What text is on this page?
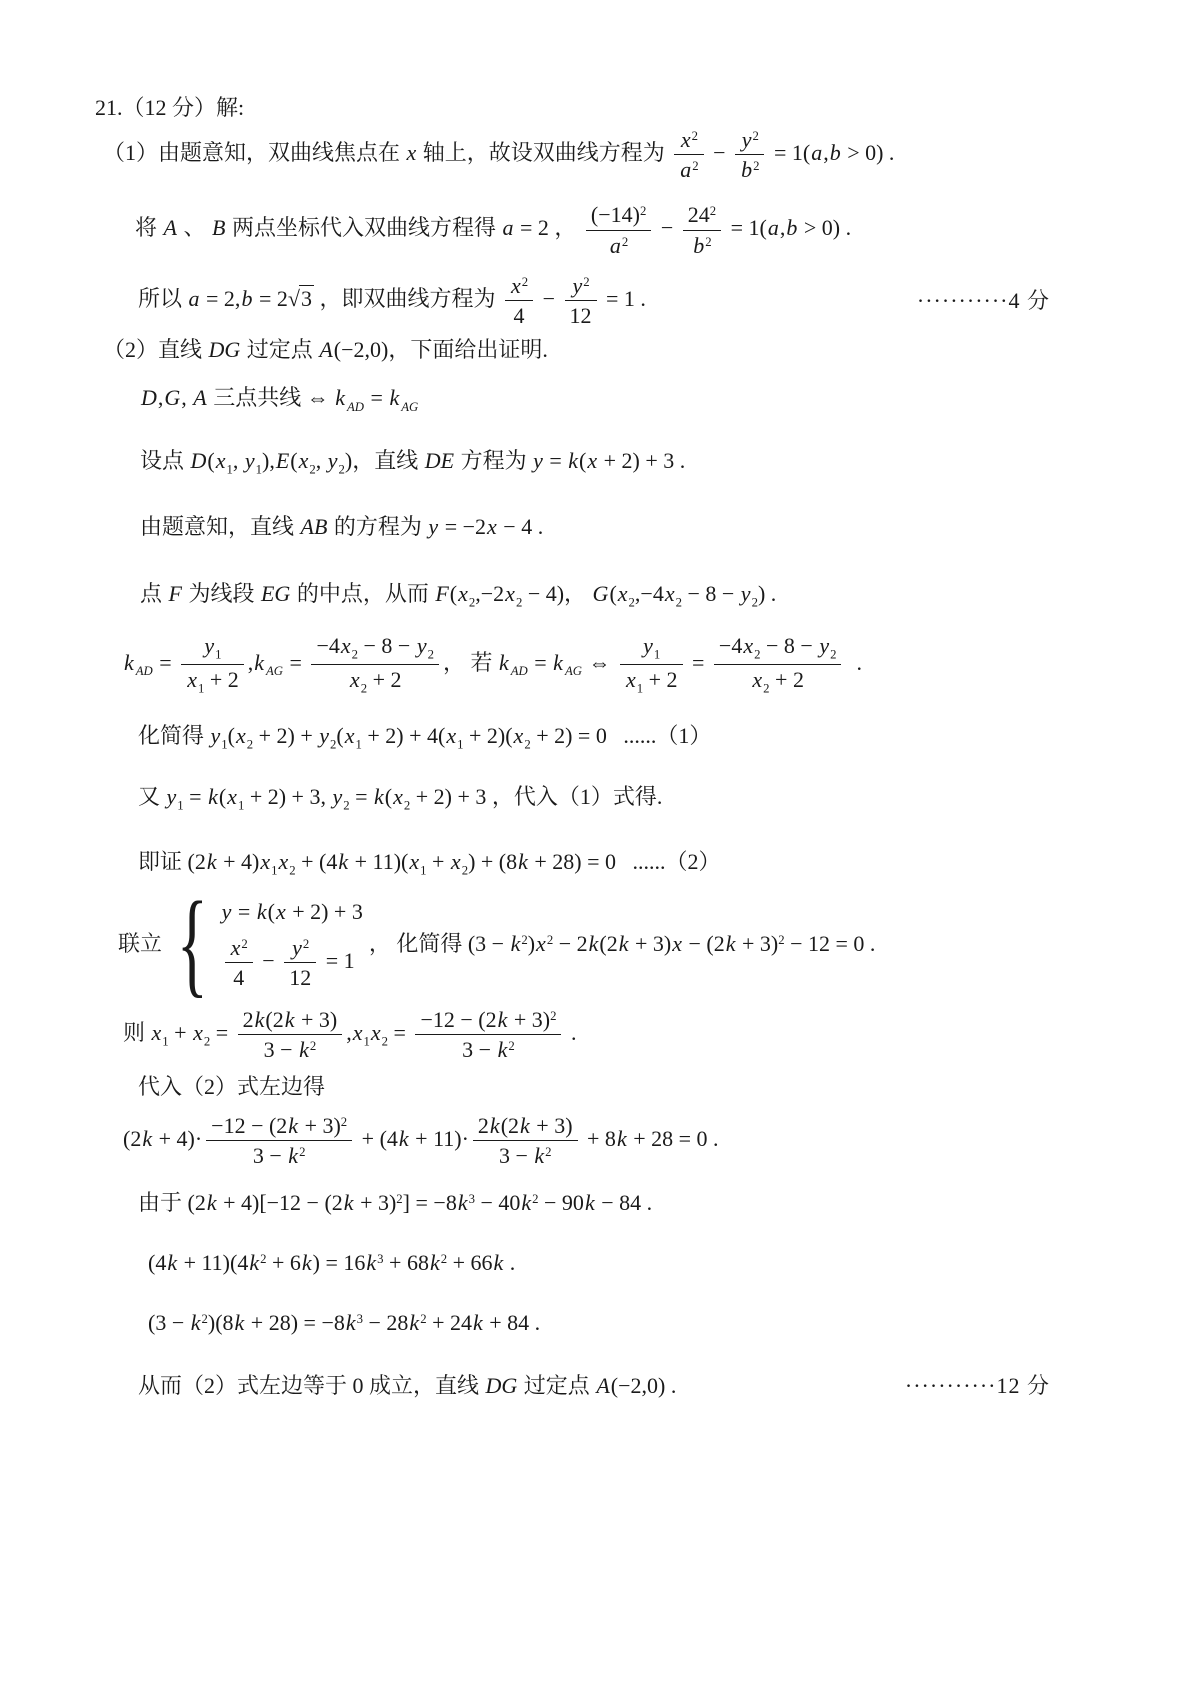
21.（12 分）解:
（1）由题意知，双曲线焦点在 x 轴上，故设双曲线方程为 $\frac{x^2}{a^2} - \frac{y^2}{b^2} = 1(a,b > 0)$ .
将 A 、 B 两点坐标代入双曲线方程得 a = 2 ， $\frac{(-14)^2}{a^2} - \frac{24^2}{b^2} = 1(a,b > 0)$ .
所以 a = 2,b = 2√3 ，即双曲线方程为 $\frac{x^2}{4} - \frac{y^2}{12} = 1$ .	···········4 分
（2）直线 DG 过定点 A(−2,0)，下面给出证明.
D,G, A 三点共线 ⇔ k $_{AD}$ = k $_{AG}$
设点 $D(x_1$, $y_1),E(x_2$, $y_2$)，直线 DE 方程为 y = k(x + 2) + 3 .
由题意知，直线 AB 的方程为 y = −2x − 4 .
点 F 为线段 EG 的中点，从而 $F(x_2,-2x_2 - 4)$， $G(x_2,-4x_2 - 8 - y_2)$ .
k $_{AD} = \frac{y_1}{x_1 + 2} ,k$ $_{AG} = \frac{-4x_2 - 8 - y_2}{x_2 + 2}$ ， 若 k $_{AD}$ = k $_{AG}$ ⇔ $\frac{y_1}{x_1 + 2} = \frac{-4x_2 - 8 - y_2}{x_2 + 2}$ .
化简得 $y_1(x_2 + 2) + y_2(x_1 + 2) + 4(x_1 + 2)(x_2 + 2) = 0$   ......（1）
又 $y_1 = k(x_1 + 2) + 3$, $y_2 = k(x_2 + 2) + 3$ ，代入（1）式得.
即证 $(2k + 4)x_1x_2 + (4k + 11)(x_1 + x_2) + (8k + 28) = 0$   ......（2）
联立 { y = k(x + 2) + 3
$\frac{x^2}{4} - \frac{y^2}{12} = 1$
， 化简得 $(3 - k^2)x^2 - 2k(2k + 3)x - (2k + 3)^2 - 12 = 0$ .
则 $x_1 + x_2 = \frac{2k(2k + 3)}{3 - k^2} ,x_1x_2 = \frac{-12 - (2k + 3)^2}{3 - k^2}$ .
代入（2）式左边得
$(2k + 4)\cdot \frac{-12 - (2k + 3)^2}{3 - k^2} + (4k + 11)\cdot \frac{2k(2k + 3)}{3 - k^2} + 8k + 28 = 0$ .
由于 $(2k + 4)[-12 - (2k + 3)^2] = -8k^3 - 40k^2 - 90k - 84$ .
$(4k + 11)(4k^2 + 6k) = 16k^3 + 68k^2 + 66k$ .
$(3 - k^2)(8k + 28) = -8k^3 - 28k^2 + 24k + 84$ .
从而（2）式左边等于 0 成立，直线 DG 过定点 A(−2,0) .	···········12 分
